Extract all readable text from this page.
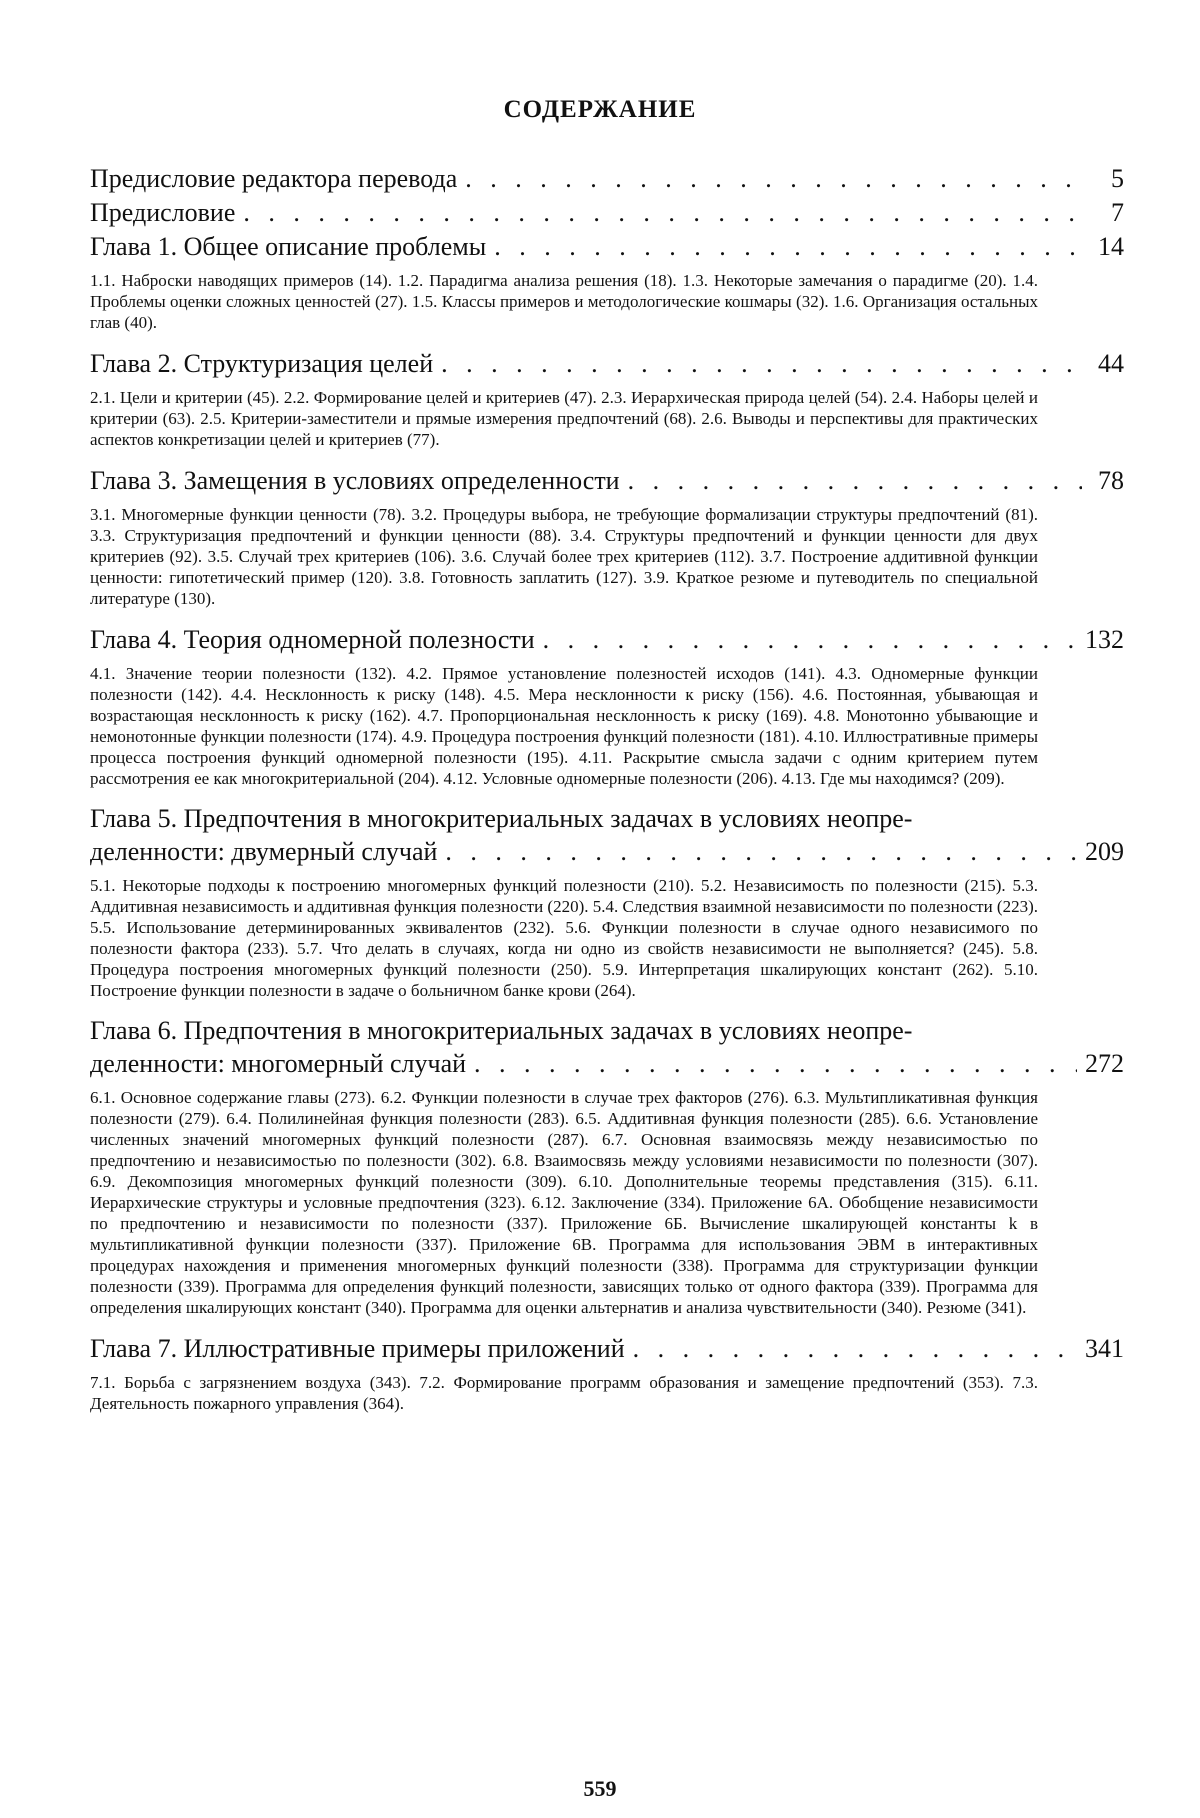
СОДЕРЖАНИЕ
Предисловие редактора перевода . . .	5
Предисловие . . .	7
Глава 1. Общее описание проблемы . . .	14

1.1. Наброски наводящих примеров (14). 1.2. Парадигма анализа решения (18). 1.3. Некоторые замечания о парадигме (20). 1.4. Проблемы оценки сложных ценностей (27). 1.5. Классы примеров и методологические кошмары (32). 1.6. Организация остальных глав (40).

Глава 2. Структуризация целей . . .	44

2.1. Цели и критерии (45). 2.2. Формирование целей и критериев (47). 2.3. Иерархическая природа целей (54). 2.4. Наборы целей и критерии (63). 2.5. Критерии-заместители и прямые измерения предпочтений (68). 2.6. Выводы и перспективы для практических аспектов конкретизации целей и критериев (77).

Глава 3. Замещения в условиях определенности . . .	78

3.1. Многомерные функции ценности (78). 3.2. Процедуры выбора, не требующие формализации структуры предпочтений (81). 3.3. Структуризация предпочтений и функции ценности (88). 3.4. Структуры предпочтений и функции ценности для двух критериев (92). 3.5. Случай трех критериев (106). 3.6. Случай более трех критериев (112). 3.7. Построение аддитивной функции ценности: гипотетический пример (120). 3.8. Готовность заплатить (127). 3.9. Краткое резюме и путеводитель по специальной литературе (130).

Глава 4. Теория одномерной полезности . . .	132

4.1. Значение теории полезности (132). 4.2. Прямое установление полезностей исходов (141). 4.3. Одномерные функции полезности (142). 4.4. Несклонность к риску (148). 4.5. Мера несклонности к риску (156). 4.6. Постоянная, убывающая и возрастающая несклонность к риску (162). 4.7. Пропорциональная несклонность к риску (169). 4.8. Монотонно убывающие и немонотонные функции полезности (174). 4.9. Процедура построения функций полезности (181). 4.10. Иллюстративные примеры процесса построения функций одномерной полезности (195). 4.11. Раскрытие смысла задачи с одним критерием путем рассмотрения ее как многокритериальной (204). 4.12. Условные одномерные полезности (206). 4.13. Где мы находимся? (209).

Глава 5. Предпочтения в многокритериальных задачах в условиях неопре-
деленности: двумерный случай . . .	209

5.1. Некоторые подходы к построению многомерных функций полезности (210). 5.2. Независимость по полезности (215). 5.3. Аддитивная независимость и аддитивная функция полезности (220). 5.4. Следствия взаимной независимости по полезности (223). 5.5. Использование детерминированных эквивалентов (232). 5.6. Функции полезности в случае одного независимого по полезности фактора (233). 5.7. Что делать в случаях, когда ни одно из свойств независимости не выполняется? (245). 5.8. Процедура построения многомерных функций полезности (250). 5.9. Интерпретация шкалирующих констант (262). 5.10. Построение функции полезности в задаче о больничном банке крови (264).

Глава 6. Предпочтения в многокритериальных задачах в условиях неопре-
деленности: многомерный случай . . .	272

6.1. Основное содержание главы (273). 6.2. Функции полезности в случае трех факторов (276). 6.3. Мультипликативная функция полезности (279). 6.4. Полилинейная функция полезности (283). 6.5. Аддитивная функция полезности (285). 6.6. Установление численных значений многомерных функций полезности (287). 6.7. Основная взаимосвязь между независимостью по предпочтению и независимостью по полезности (302). 6.8. Взаимосвязь между условиями независимости по полезности (307). 6.9. Декомпозиция многомерных функций полезности (309). 6.10. Дополнительные теоремы представления (315). 6.11. Иерархические структуры и условные предпочтения (323). 6.12. Заключение (334). Приложение 6А. Обобщение независимости по предпочтению и независимости по полезности (337). Приложение 6Б. Вычисление шкалирующей константы k в мультипликативной функции полезности (337). Приложение 6В. Программа для использования ЭВМ в интерактивных процедурах нахождения и применения многомерных функций полезности (338). Программа для структуризации функции полезности (339). Программа для определения функций полезности, зависящих только от одного фактора (339). Программа для определения шкалирующих констант (340). Программа для оценки альтернатив и анализа чувствительности (340). Резюме (341).

Глава 7. Иллюстративные примеры приложений . . .	341

7.1. Борьба с загрязнением воздуха (343). 7.2. Формирование программ образования и замещение предпочтений (353). 7.3. Деятельность пожарного управления (364).

559
